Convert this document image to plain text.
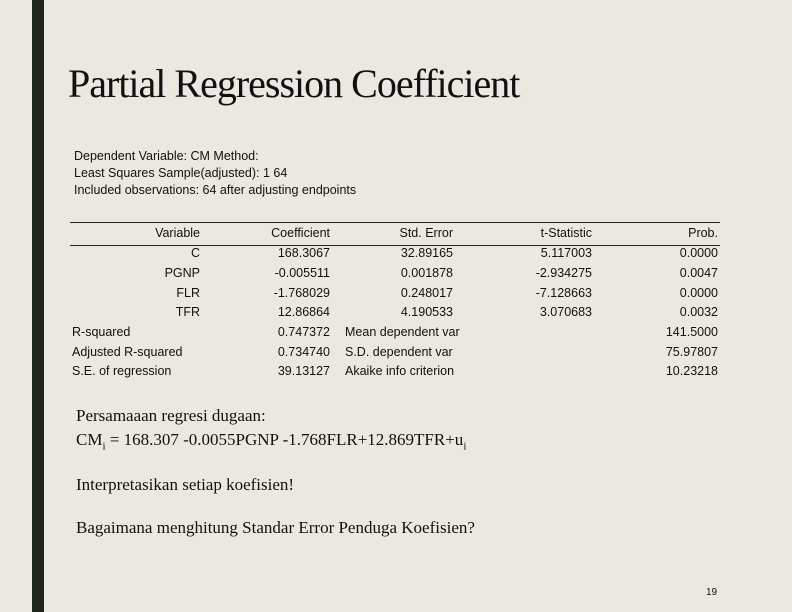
Partial Regression Coefficient
Dependent Variable: CM Method:
Least Squares Sample(adjusted): 1 64
Included observations: 64 after adjusting endpoints
Variable	Coefficient	Std. Error	t-Statistic	Prob.
C	168.3067	32.89165	5.117003	0.0000
PGNP	-0.005511	0.001878	-2.934275	0.0047
FLR	-1.768029	0.248017	-7.128663	0.0000
TFR	12.86864	4.190533	3.070683	0.0032
R-squared	0.747372 Mean dependent var	141.5000
Adjusted R-squared	0.734740 S.D. dependent var	75.97807
S.E. of regression	39.13127 Akaike info criterion	10.23218
Persamaaan regresi dugaan:
$CM_i = 168.307$ -0.0055PGNP $-1.768FLR+12.869TFR+u_i$
Interpretasikan setiap koefisien!
Bagaimana menghitung Standar Error Penduga Koefisien?
19
